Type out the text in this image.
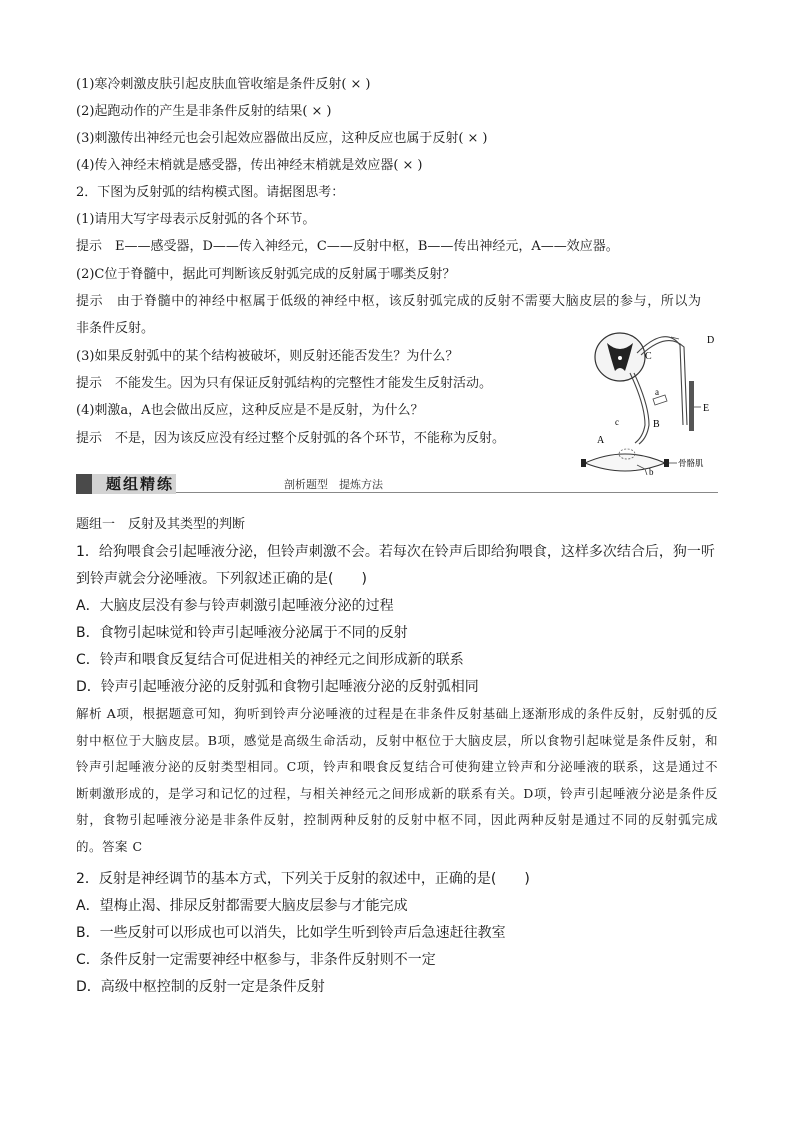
(1)寒冷刺激皮肤引起皮肤血管收缩是条件反射( × )
(2)起跑动作的产生是非条件反射的结果( × )
(3)刺激传出神经元也会引起效应器做出反应，这种反应也属于反射( × )
(4)传入神经末梢就是感受器，传出神经末梢就是效应器( × )
2．下图为反射弧的结构模式图。请据图思考：
(1)请用大写字母表示反射弧的各个环节。
提示　E——感受器，D——传入神经元，C——反射中枢，B——传出神经元，A——效应器。
(2)C位于脊髓中，据此可判断该反射弧完成的反射属于哪类反射？
提示　由于脊髓中的神经中枢属于低级的神经中枢，该反射弧完成的反射不需要大脑皮层的参与，所以为
非条件反射。
(3)如果反射弧中的某个结构被破坏，则反射还能否发生？为什么？
提示　不能发生。因为只有保证反射弧结构的完整性才能发生反射活动。
(4)刺激a，A也会做出反应，这种反应是不是反射，为什么？
提示　不是，因为该反应没有经过整个反射弧的各个环节，不能称为反射。
D
C
a
E
B
c
A
b
骨骼肌
题组精练	剖析题型　提炼方法
题组一　反射及其类型的判断
1．给狗喂食会引起唾液分泌，但铃声刺激不会。若每次在铃声后即给狗喂食，这样多次结合后，狗一听到铃声就会分泌唾液。下列叙述正确的是(　　)
A．大脑皮层没有参与铃声刺激引起唾液分泌的过程
B．食物引起味觉和铃声引起唾液分泌属于不同的反射
C．铃声和喂食反复结合可促进相关的神经元之间形成新的联系
D．铃声引起唾液分泌的反射弧和食物引起唾液分泌的反射弧相同
解析 A项，根据题意可知，狗听到铃声分泌唾液的过程是在非条件反射基础上逐渐形成的条件反射，反射弧的反射中枢位于大脑皮层。B项，感觉是高级生命活动，反射中枢位于大脑皮层，所以食物引起味觉是条件反射，和铃声引起唾液分泌的反射类型相同。C项，铃声和喂食反复结合可使狗建立铃声和分泌唾液的联系，这是通过不断刺激形成的，是学习和记忆的过程，与相关神经元之间形成新的联系有关。D项，铃声引起唾液分泌是条件反射，食物引起唾液分泌是非条件反射，控制两种反射的反射中枢不同，因此两种反射是通过不同的反射弧完成的。答案 C
2．反射是神经调节的基本方式，下列关于反射的叙述中，正确的是(　　)
A．望梅止渴、排尿反射都需要大脑皮层参与才能完成
B．一些反射可以形成也可以消失，比如学生听到铃声后急速赶往教室
C．条件反射一定需要神经中枢参与，非条件反射则不一定
D．高级中枢控制的反射一定是条件反射
